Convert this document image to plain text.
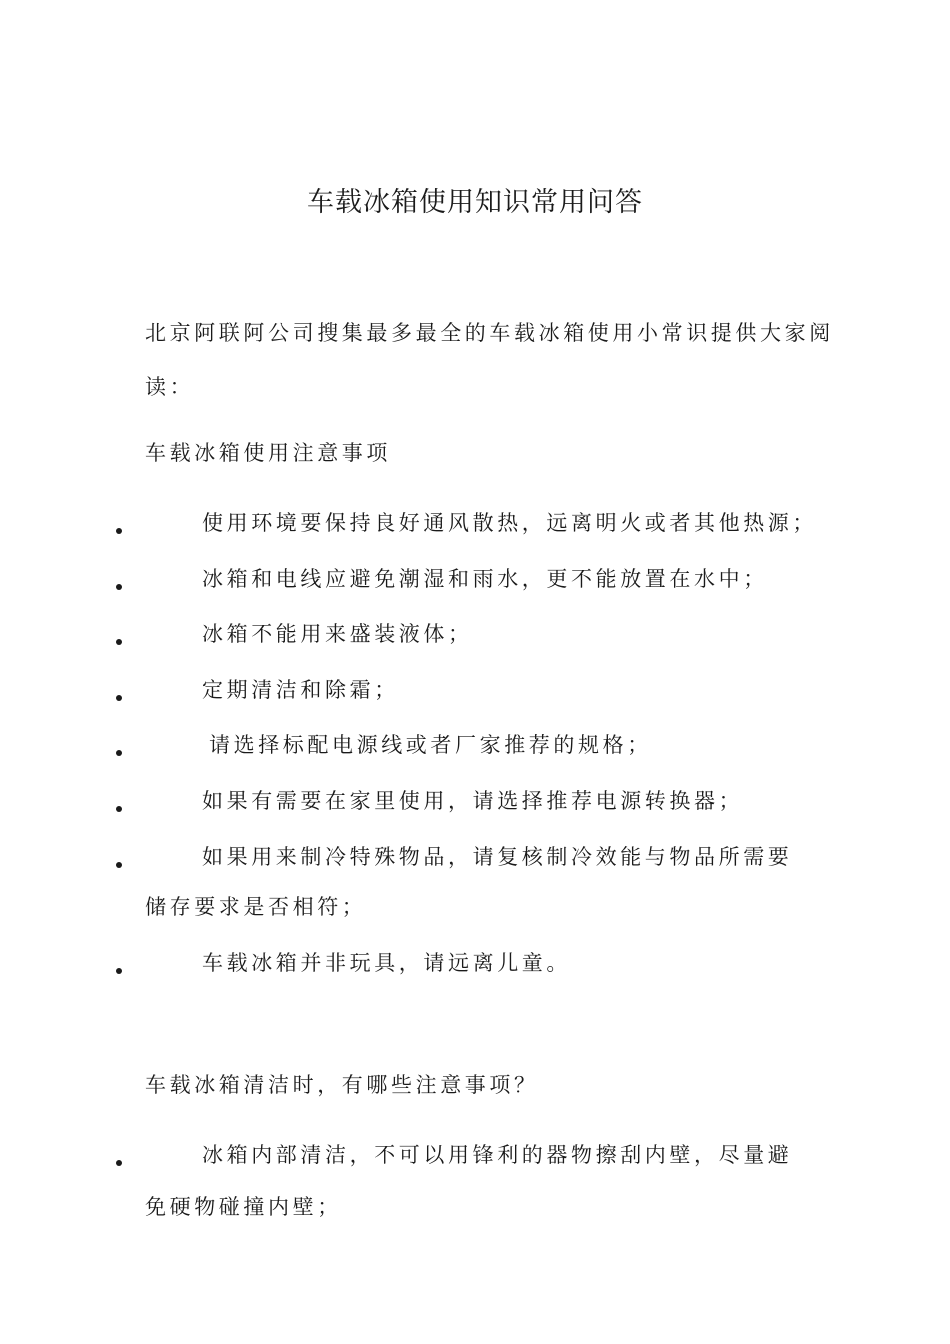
车载冰箱使用知识常用问答

北京阿联阿公司搜集最多最全的车载冰箱使用小常识提供大家阅读：

车载冰箱使用注意事项

使用环境要保持良好通风散热，远离明火或者其他热源；
冰箱和电线应避免潮湿和雨水，更不能放置在水中；
冰箱不能用来盛装液体；
定期清洁和除霜；
请选择标配电源线或者厂家推荐的规格；
如果有需要在家里使用，请选择推荐电源转换器；
如果用来制冷特殊物品，请复核制冷效能与物品所需要
储存要求是否相符；
车载冰箱并非玩具，请远离儿童。

车载冰箱清洁时，有哪些注意事项？

冰箱内部清洁，不可以用锋利的器物擦刮内壁，尽量避
免硬物碰撞内壁；
